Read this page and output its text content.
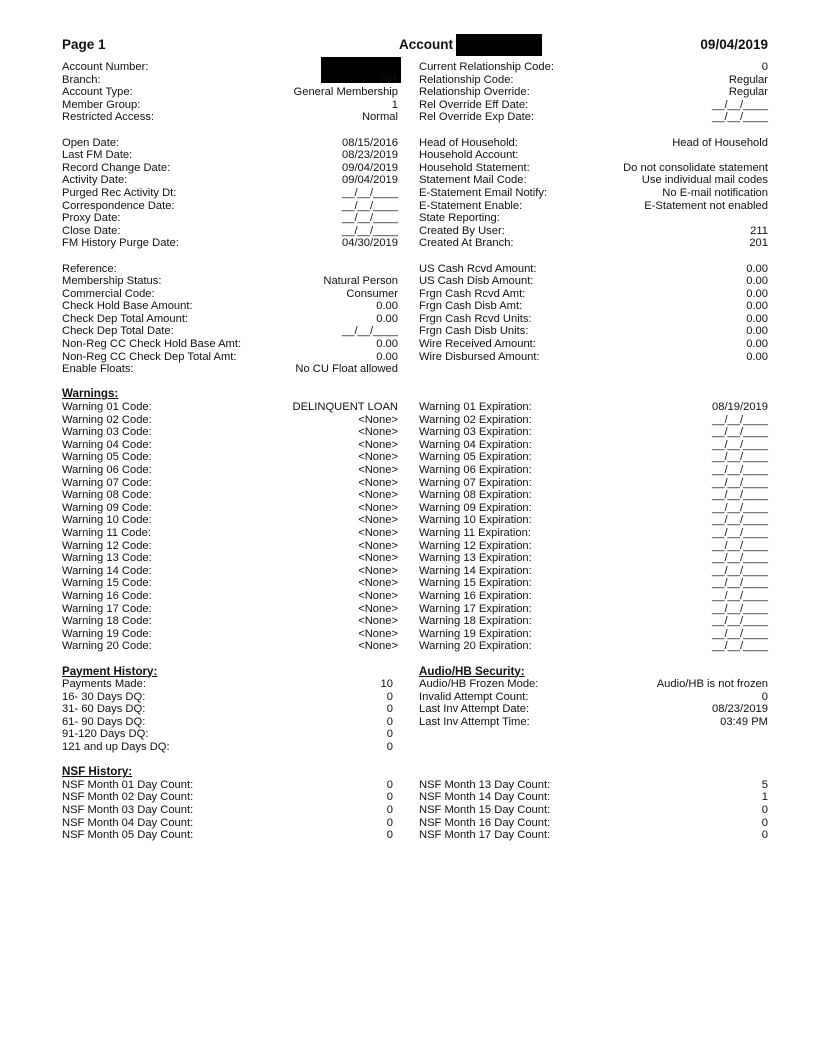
Page 1	Account	09/04/2019
Account Number:
Branch:	201
Account Type:	General Membership
Member Group:	1
Restricted Access:	Normal
Open Date:	08/15/2016
Last FM Date:	08/23/2019
Record Change Date:	09/04/2019
Activity Date:	09/04/2019
Purged Rec Activity Dt:	__/__/____
Correspondence Date:	__/__/____
Proxy Date:	__/__/____
Close Date:	__/__/____
FM History Purge Date:	04/30/2019
Reference:
Membership Status:	Natural Person
Commercial Code:	Consumer
Check Hold Base Amount:	0.00
Check Dep Total Amount:	0.00
Check Dep Total Date:	__/__/____
Non-Reg CC Check Hold Base Amt:	0.00
Non-Reg CC Check Dep Total Amt:	0.00
Enable Floats:	No CU Float allowed
Warnings:
Warning 01 Code:	DELINQUENT LOAN
Warning 02 Code:	<None>
Warning 03 Code:	<None>
Warning 04 Code:	<None>
Warning 05 Code:	<None>
Warning 06 Code:	<None>
Warning 07 Code:	<None>
Warning 08 Code:	<None>
Warning 09 Code:	<None>
Warning 10 Code:	<None>
Warning 11 Code:	<None>
Warning 12 Code:	<None>
Warning 13 Code:	<None>
Warning 14 Code:	<None>
Warning 15 Code:	<None>
Warning 16 Code:	<None>
Warning 17 Code:	<None>
Warning 18 Code:	<None>
Warning 19 Code:	<None>
Warning 20 Code:	<None>
Payment History:
Payments Made:	10
16- 30 Days DQ:	0
31- 60 Days DQ:	0
61- 90 Days DQ:	0
91-120 Days DQ:	0
121 and up Days DQ:	0
NSF History:
NSF Month 01 Day Count:	0
NSF Month 02 Day Count:	0
NSF Month 03 Day Count:	0
NSF Month 04 Day Count:	0
NSF Month 05 Day Count:	0
Current Relationship Code:	0
Relationship Code:	Regular
Relationship Override:	Regular
Rel Override Eff Date:	__/__/____
Rel Override Exp Date:	__/__/____
Head of Household:	Head of Household
Household Account:
Household Statement:	Do not consolidate statement
Statement Mail Code:	Use individual mail codes
E-Statement Email Notify:	No E-mail notification
E-Statement Enable:	E-Statement not enabled
State Reporting:
Created By User:	211
Created At Branch:	201
US Cash Rcvd Amount:	0.00
US Cash Disb Amount:	0.00
Frgn Cash Rcvd Amt:	0.00
Frgn Cash Disb Amt:	0.00
Frgn Cash Rcvd Units:	0.00
Frgn Cash Disb Units:	0.00
Wire Received Amount:	0.00
Wire Disbursed Amount:	0.00
Warning 01 Expiration:	08/19/2019
Warning 02 Expiration:	__/__/____
Warning 03 Expiration:	__/__/____
Warning 04 Expiration:	__/__/____
Warning 05 Expiration:	__/__/____
Warning 06 Expiration:	__/__/____
Warning 07 Expiration:	__/__/____
Warning 08 Expiration:	__/__/____
Warning 09 Expiration:	__/__/____
Warning 10 Expiration:	__/__/____
Warning 11 Expiration:	__/__/____
Warning 12 Expiration:	__/__/____
Warning 13 Expiration:	__/__/____
Warning 14 Expiration:	__/__/____
Warning 15 Expiration:	__/__/____
Warning 16 Expiration:	__/__/____
Warning 17 Expiration:	__/__/____
Warning 18 Expiration:	__/__/____
Warning 19 Expiration:	__/__/____
Warning 20 Expiration:	__/__/____
Audio/HB Security:
Audio/HB Frozen Mode:	Audio/HB is not frozen
Invalid Attempt Count:	0
Last Inv Attempt Date:	08/23/2019
Last Inv Attempt Time:	03:49 PM
NSF Month 13 Day Count:	5
NSF Month 14 Day Count:	1
NSF Month 15 Day Count:	0
NSF Month 16 Day Count:	0
NSF Month 17 Day Count:	0
